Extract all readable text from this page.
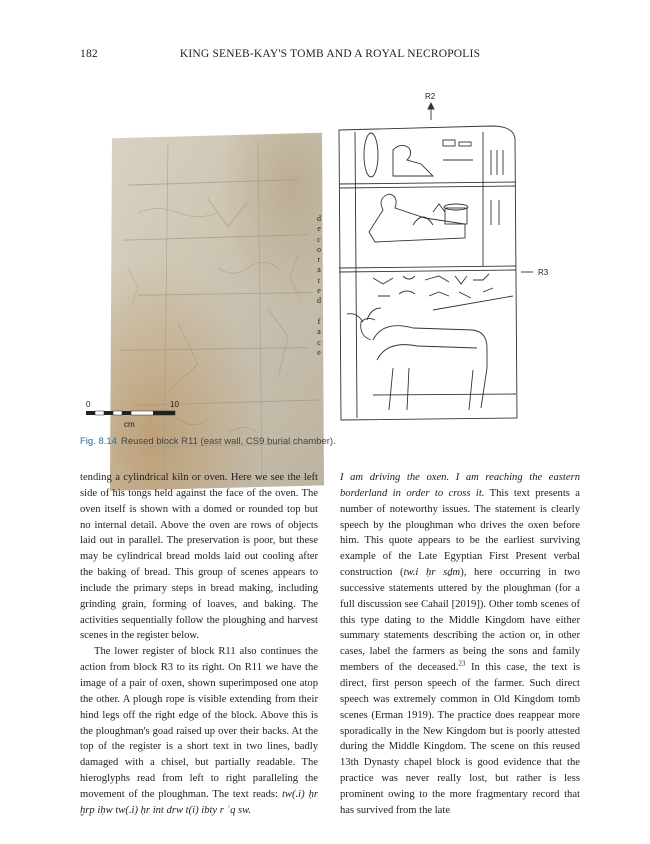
182	KING SENEB-KAY'S TOMB AND A ROYAL NECROPOLIS
0	10
cm
d
e
c
o
r
a
t
e
d

f
a
c
e
R2
R3
Fig. 8.14 Reused block R11 (east wall, CS9 burial chamber).

tending a cylindrical kiln or oven. Here we see the left side of his tongs held against the face of the oven. The oven itself is shown with a domed or rounded top but no internal detail. Above the oven are rows of objects laid out in parallel. The preservation is poor, but these may be cylindrical bread molds laid out cooling after the baking of bread. This group of scenes appears to include the primary steps in bread making, including grinding grain, forming of loaves, and baking. The activities sequentially follow the ploughing and harvest scenes in the register below.

The lower register of block R11 also continues the action from block R3 to its right. On R11 we have the image of a pair of oxen, shown superimposed one atop the other. A plough rope is visible extending from their hind legs off the right edge of the block. Above this is the ploughman's goad raised up over their backs. At the top of the register is a short text in two lines, badly damaged with a chisel, but partially readable. The hieroglyphs read from left to right paralleling the movement of the ploughman. The text reads: tw(.i) ḥr ḫrp iḥw tw(.i) ḥr int drw t(i) ibty r ʿq sw.

I am driving the oxen. I am reaching the eastern borderland in order to cross it. This text presents a number of noteworthy issues. The statement is clearly speech by the ploughman who drives the oxen before him. This quote appears to be the earliest surviving example of the Late Egyptian First Present verbal construction (tw.i ḥr sḏm), here occurring in two successive statements uttered by the ploughman (for a full discussion see Cahail [2019]). Other tomb scenes of this type dating to the Middle Kingdom have either summary statements describing the action or, in other cases, label the farmers as being the sons and family members of the deceased.$^{23}$ In this case, the text is direct, first person speech of the farmer. Such direct speech was extremely common in Old Kingdom tomb scenes (Erman 1919). The practice does reappear more sporadically in the New Kingdom but is poorly attested during the Middle Kingdom. The scene on this reused 13th Dynasty chapel block is good evidence that the practice was never really lost, but rather is less prominent owing to the more fragmentary record that has survived from the late
